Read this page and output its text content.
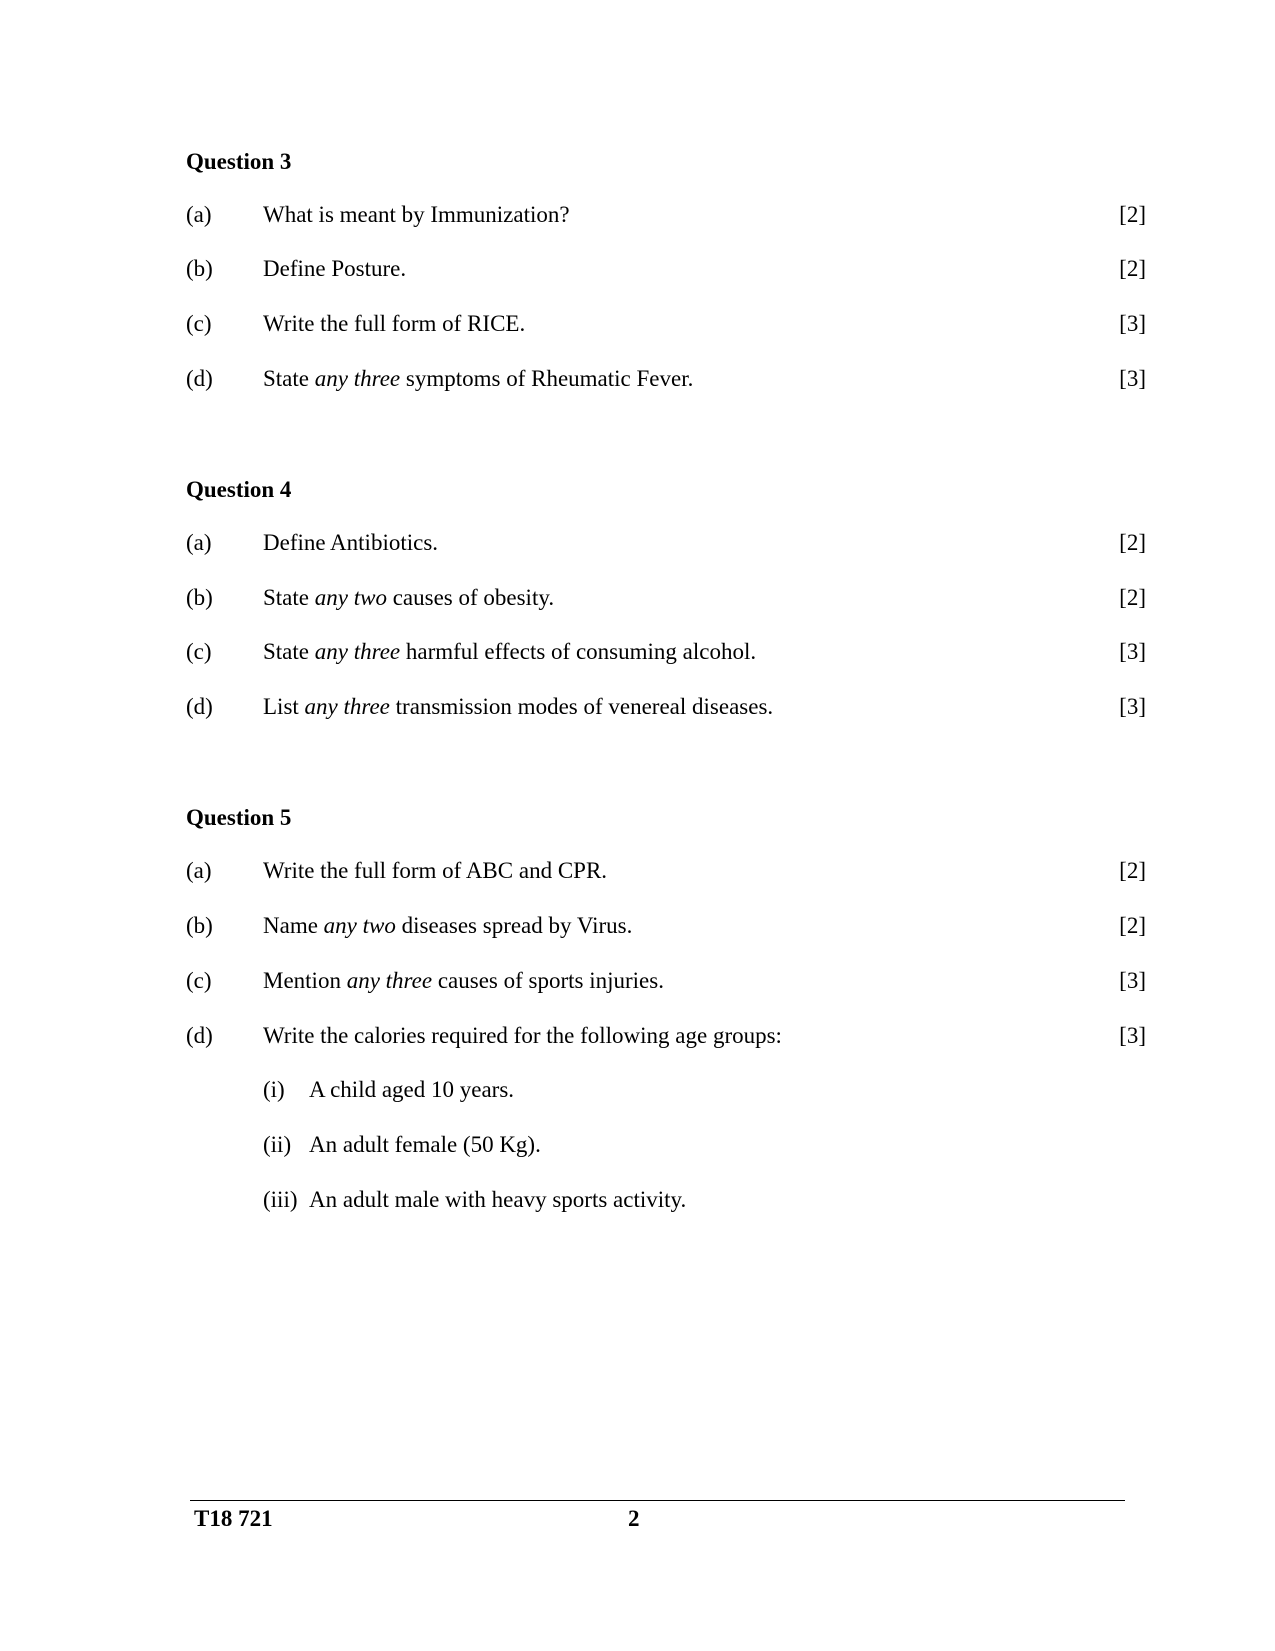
Question 3
(a) What is meant by Immunization?	[2]
(b) Define Posture.	[2]
(c) Write the full form of RICE.	[3]
(d) State any three symptoms of Rheumatic Fever.	[3]
Question 4
(a) Define Antibiotics.	[2]
(b) State any two causes of obesity.	[2]
(c) State any three harmful effects of consuming alcohol.	[3]
(d) List any three transmission modes of venereal diseases.	[3]
Question 5
(a) Write the full form of ABC and CPR.	[2]
(b) Name any two diseases spread by Virus.	[2]
(c) Mention any three causes of sports injuries.	[3]
(d) Write the calories required for the following age groups:	[3]
(i) A child aged 10 years.
(ii) An adult female (50 Kg).
(iii) An adult male with heavy sports activity.
T18 721	2
